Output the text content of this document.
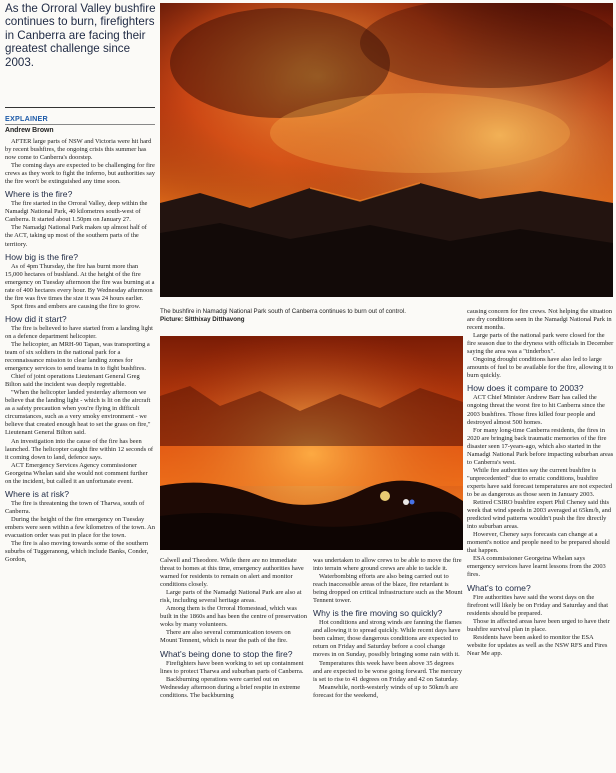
As the Orroral Valley bushfire continues to burn, firefighters in Canberra are facing their greatest challenge since 2003.
EXPLAINER
Andrew Brown

AFTER large parts of NSW and Victoria were hit hard by recent bushfires, the ongoing crisis this summer has now come to Canberra's doorstep.

The coming days are expected to be challenging for fire crews as they work to fight the inferno, but authorities say the fire won't be extinguished any time soon.

Where is the fire?

The fire started in the Orroral Valley, deep within the Namadgi National Park, 40 kilometres south-west of Canberra. It started about 1.50pm on January 27.

The Namadgi National Park makes up almost half of the ACT, taking up most of the southern parts of the territory.

How big is the fire?

As of 4pm Thursday, the fire has burnt more than 15,000 hectares of bushland. At the height of the fire emergency on Tuesday afternoon the fire was burning at a rate of 400 hectares every hour. By Wednesday afternoon the fire was five times the size it was 24 hours earlier.

Spot fires and embers are causing the fire to grow.

How did it start?

The fire is believed to have started from a landing light on a defence department helicopter.

The helicopter, an MRH-90 Tapan, was transporting a team of six soldiers in the national park for a reconnaissance mission to clear landing zones for emergency services to send teams in to fight bushfires.

Chief of joint operations Lieutenant General Greg Bilton said the incident was deeply regrettable.

"When the helicopter landed yesterday afternoon we believe that the landing light - which is lit on the aircraft as a safety precaution when you're flying in difficult circumstances, such as a very smoky environment - we believe that created enough heat to set the grass on fire," Lieutenant General Bilton said.

An investigation into the cause of the fire has been launched. The helicopter caught fire within 12 seconds of it coming down to land, defence says.

ACT Emergency Services Agency commissioner Georgeina Whelan said she would not comment further on the incident, but called it an unfortunate event.

Where is at risk?

The fire is threatening the town of Tharwa, south of Canberra.

During the height of the fire emergency on Tuesday embers were seen within a few kilometres of the town. An evacuation order was put in place for the town.

The fire is also moving towards some of the southern suburbs of Tuggeranong, which include Banks, Conder, Gordon,

The bushfire in Namadgi National Park south of Canberra continues to burn out of control.
Picture: Sitthixay Ditthavong

Calwell and Theodore. While there are no immediate threat to homes at this time, emergency authorities have warned for residents to remain on alert and monitor conditions closely.

Large parts of the Namadgi National Park are also at risk, including several heritage areas.

Among them is the Orroral Homestead, which was built in the 1860s and has been the centre of preservation woks by many volunteers.

There are also several communication towers on Mount Tennent, which is near the path of the fire.

What's being done to stop the fire?

Firefighters have been working to set up containment lines to protect Tharwa and suburban parts of Canberra.

Backburning operations were carried out on Wednesday afternoon during a brief respite in extreme conditions. The backburning

was undertaken to allow crews to be able to move the fire into terrain where ground crews are able to tackle it.

Waterbombing efforts are also being carried out to reach inaccessible areas of the blaze, fire retardant is being dropped on critical infrastructure such as the Mount Tennent tower.

Why is the fire moving so quickly?

Hot conditions and strong winds are fanning the flames and allowing it to spread quickly. While recent days have been calmer, those dangerous conditions are expected to return on Friday and Saturday before a cool change moves in on Sunday, possibly bringing some rain with it.

Temperatures this week have been above 35 degrees and are expected to be worse going forward. The mercury is set to rise to 41 degrees on Friday and 42 on Saturday.

Meanwhile, north-westerly winds of up to 50km/h are forecast for the weekend,

causing concern for fire crews. Not helping the situation are dry conditions seen in the Namadgi National Park in recent months.

Large parts of the national park were closed for the fire season due to the dryness with officials in December saying the area was a "tinderbox".

Ongoing drought conditions have also led to large amounts of fuel to be available for the fire, allowing it to burn quickly.

How does it compare to 2003?

ACT Chief Minister Andrew Barr has called the ongoing threat the worst fire to hit Canberra since the 2003 bushfires. Those fires killed four people and destroyed almost 500 homes.

For many long-time Canberra residents, the fires in 2020 are bringing back traumatic memories of the fire disaster seen 17-years-ago, which also started in the Namadgi National Park before impacting suburban areas to Canberra's west.

While fire authorities say the current bushfire is "unprecedented" due to erratic conditions, bushfire experts have said forecast temperatures are not expected to be as dangerous as those seen in January 2003.

Retired CSIRO bushfire expert Phil Cheney said this week that wind speeds in 2003 averaged at 65km/h, and predicted wind patterns wouldn't push the fire directly into suburban areas.

However, Cheney says forecasts can change at a moment's notice and people need to be prepared should that happen.

ESA commissioner Georgeina Whelan says emergency services have learnt lessons from the 2003 fires.

What's to come?

Fire authorities have said the worst days on the firefront will likely be on Friday and Saturday and that residents should be prepared.

Those in affected areas have been urged to have their bushfire survival plan in place.

Residents have been asked to monitor the ESA website for updates as well as the NSW RFS and Fires Near Me app.
